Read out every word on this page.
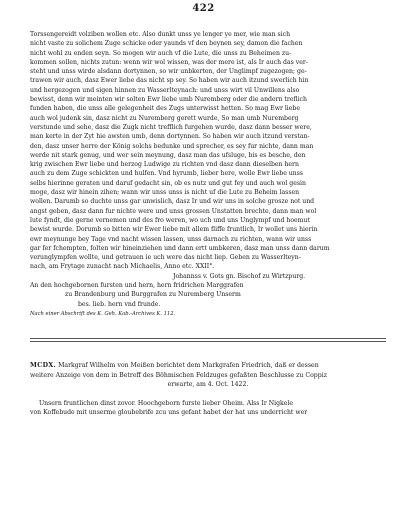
422

Torssengereidt volziben wollen etc. Also dunkt unss ye lenger ye mer, wie man sich
nicht vaste zu solichem Zuge schicke oder yaunds vf den beynen sey, damon die fachen
nicht wohl zu enden seyn. So mogen wir auch vf die Lute, die unss zu Beheimen zu-
kommen sollen, nichts zutun: wenn wir wol wissen, was der mere ist, als Ir auch das ver-
steht und unss wirde alsdann dortynnen, so wir unbkerten, der Unglimpf zugezogen; ge-
trawen wir auch, dasz Ewer liebe das nicht sp sey. So haben wir auch itzund swerlich hin
und hergezogen und sigen hinnen zu Wasserlteynach: und unss wirt vil Unwillens also
bewisst, denn wir meinten wir solten Ewr liebe umb Nuremberg oder die andern treflich
funden haben, die unss alle gelegenheit des Zugs unterwisst hetten. So mag Ewr liebe
auch wol judenk sin, dasz nicht zu Nuremberg gerett wurde, So man umb Nuremberg
verstunde und sehe, dasz die Zugk nicht trefflich furgehen wurde, dasz dann besser were,
man kerte in der Zyt hie awsten umb, denn dortynnen. So haben wir auch itzund verstan-
den, dasz unser herre der König solchs bedunke und sprecher, es sey fur nichte, dann man
werde nit stark genug, und wer sein meynung, dasz man das ufsluge, bis es besche, den
krig zwischen Ewr liebe und herzog Ludwige zu richten vnd dasz dann dieselben hern
auch zu dem Zuge schickten und hulfen. Vnd hyrumb, lieber here, wolle Ewr liebe unss
selbs hierinne geraten und daruf gedacht sin, ob es nutz und gut fey und auch wol gesin
moge, dasz wir hinein zihen; wann wir unss unss is nicht uf die Lute zu Beheim lassen
wollen. Darumb so duchte unss gar unwislich, dasz Ir und wir uns in solche grosze not und
angst geben, dasz dann fur nichte were und unss grossen Unstatten brechte, dann man wol
lute fyndt, die gerne vernemen und des fro weren, wo uch und uns Unglympf und hoemut
bewist wurde. Dorumb so bitten wir Ewer liebe mit allem fliffe fruntlich, Ir wollet uns hierin
ewr meynunge bey Tage vnd nacht wissen lassen, unss darnach zu richten, wann wir unss
gar fer fchempten, folten wir hineinziehen und dann ertt umbkeren, dasz man unss dann darum
verunglympfen wollte, und getrauen ie uch were das nicht liep. Geben zu Wasserlteyn-
nach, am Frytage zunacht nach Michaelis, Anno etc. XXII°.

Johannss v. Gots gn. Bischof zu Wirtzpurg.

An den hochgebornen fursten und hern, hern fridrichen Marggrafen
zu Brandenburg und Burggrafen zu Nuremberg Unserm
bes. lieb. hern vnd frunde.

Nach einer Abschrift des K. Geh. Kab.-Archives K. 112.

MCDX. Markgraf Wilhelm von Meißen berichtet dem Markgrafen Friedrich, daß er dessen
weitere Anzeige von dem in Betreff des Böhmischen Feldzuges gefaßten Beschlusse zu Coppiz
erwarte, am 4. Oct. 1422.

Unsern fruntlichen dinst zovor. Hoochgeborn furste lieber Oheim. Alss Ir Nigkele
von Koffebude mit unserme gloubebrife zcu uns gefant habet der hat uns underricht wer
